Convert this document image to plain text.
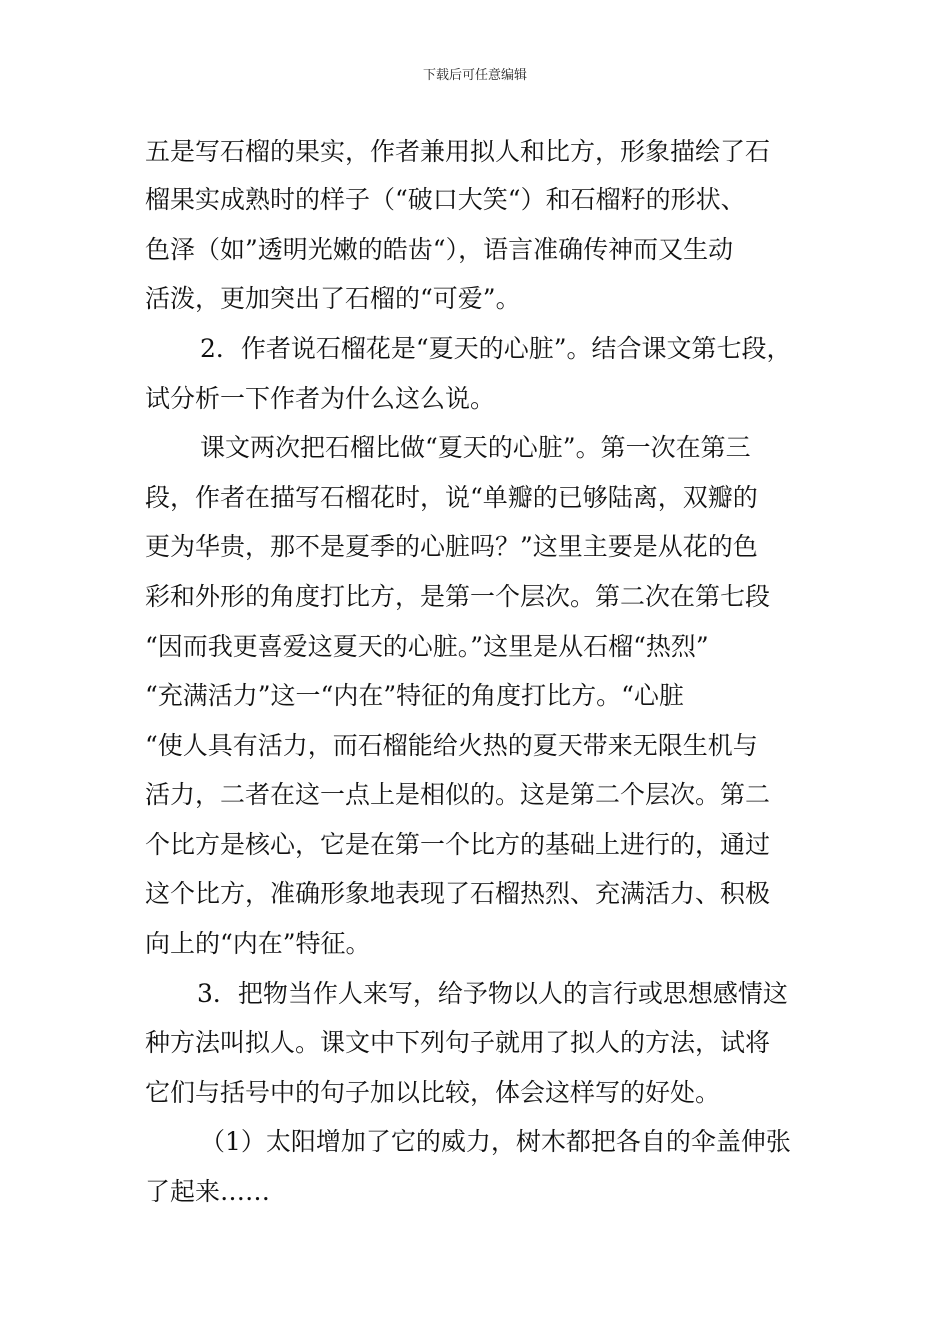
下载后可任意编辑
五是写石榴的果实，作者兼用拟人和比方，形象描绘了石
榴果实成熟时的样子（“破口大笑“）和石榴籽的形状、
色泽（如”透明光嫩的皓齿“），语言准确传神而又生动
活泼，更加突出了石榴的“可爱”。
2．作者说石榴花是“夏天的心脏”。结合课文第七段，
试分析一下作者为什么这么说。
课文两次把石榴比做“夏天的心脏”。第一次在第三
段，作者在描写石榴花时，说“单瓣的已够陆离，双瓣的
更为华贵，那不是夏季的心脏吗？”这里主要是从花的色
彩和外形的角度打比方，是第一个层次。第二次在第七段
“因而我更喜爱这夏天的心脏。”这里是从石榴“热烈”
“充满活力”这一“内在”特征的角度打比方。“心脏
“使人具有活力，而石榴能给火热的夏天带来无限生机与
活力，二者在这一点上是相似的。这是第二个层次。第二
个比方是核心，它是在第一个比方的基础上进行的，通过
这个比方，准确形象地表现了石榴热烈、充满活力、积极
向上的“内在”特征。
3．把物当作人来写，给予物以人的言行或思想感情这
种方法叫拟人。课文中下列句子就用了拟人的方法，试将
它们与括号中的句子加以比较，体会这样写的好处。
（1）太阳增加了它的威力，树木都把各自的伞盖伸张
了起来……
